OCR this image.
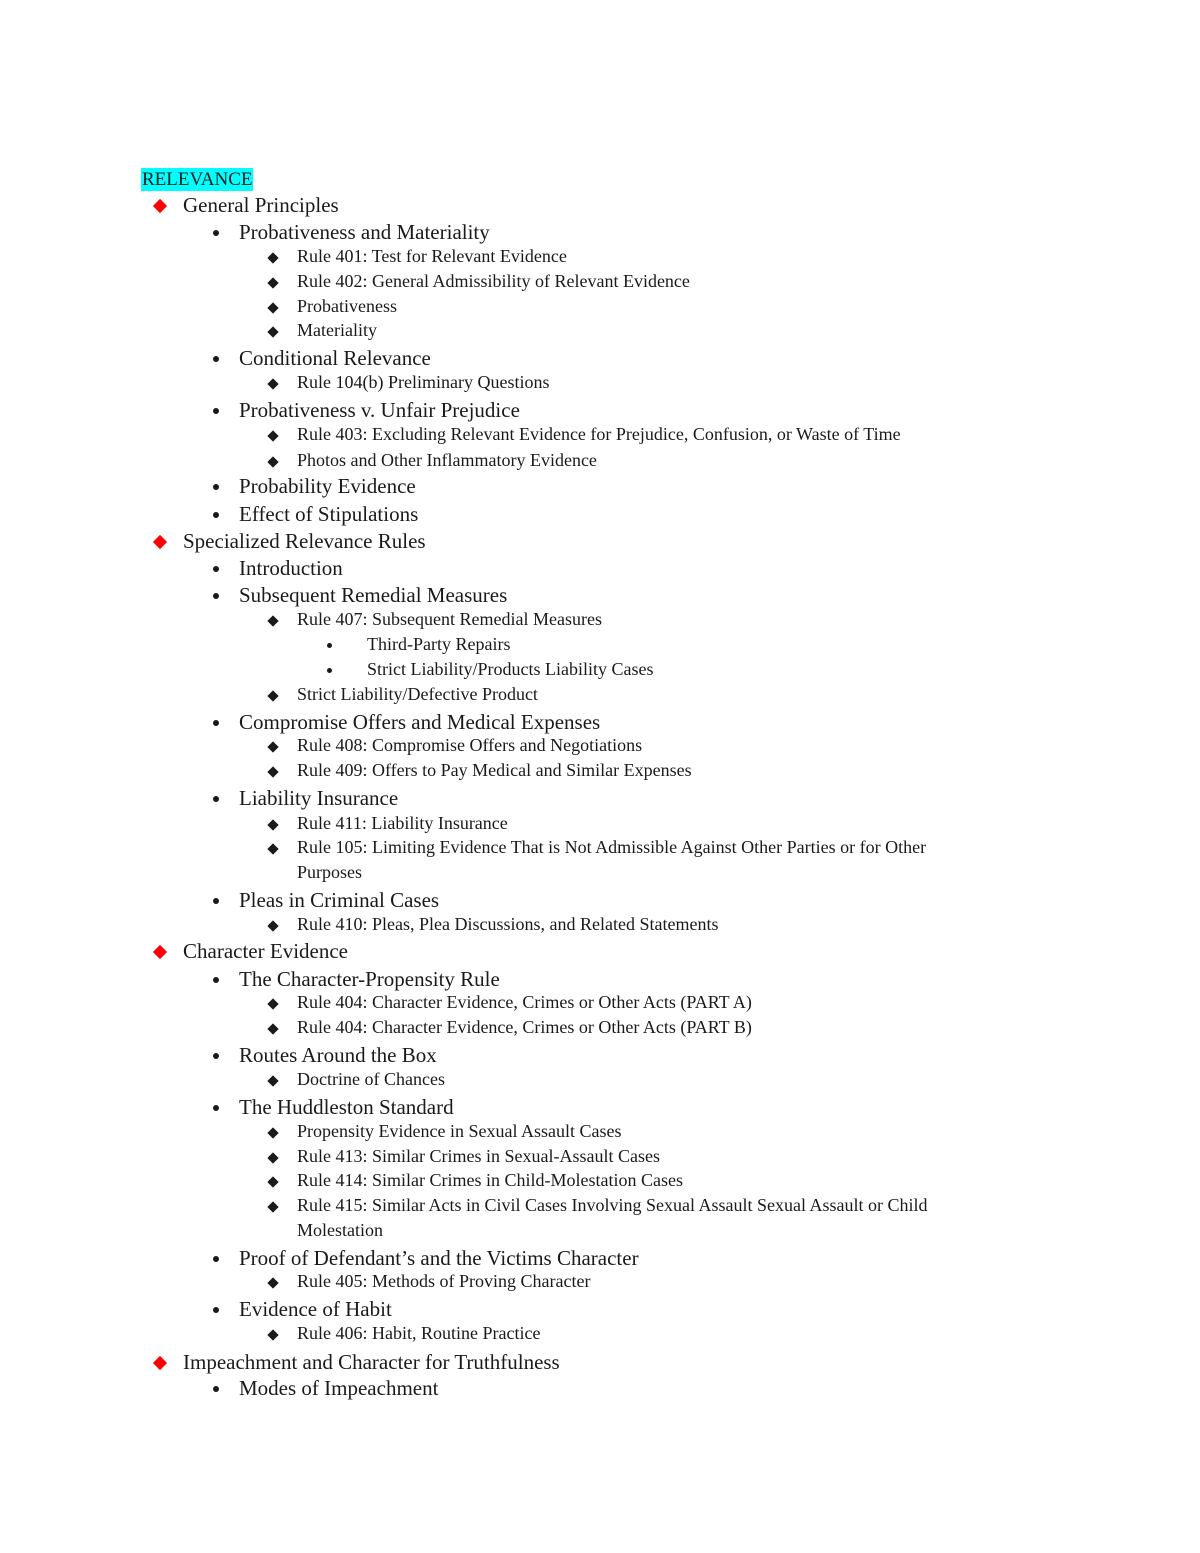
RELEVANCE
General Principles
Probativeness and Materiality
Rule 401: Test for Relevant Evidence
Rule 402: General Admissibility of Relevant Evidence
Probativeness
Materiality
Conditional Relevance
Rule 104(b) Preliminary Questions
Probativeness v. Unfair Prejudice
Rule 403: Excluding Relevant Evidence for Prejudice, Confusion, or Waste of Time
Photos and Other Inflammatory Evidence
Probability Evidence
Effect of Stipulations
Specialized Relevance Rules
Introduction
Subsequent Remedial Measures
Rule 407: Subsequent Remedial Measures
Third-Party Repairs
Strict Liability/Products Liability Cases
Strict Liability/Defective Product
Compromise Offers and Medical Expenses
Rule 408: Compromise Offers and Negotiations
Rule 409: Offers to Pay Medical and Similar Expenses
Liability Insurance
Rule 411: Liability Insurance
Rule 105: Limiting Evidence That is Not Admissible Against Other Parties or for Other
Purposes
Pleas in Criminal Cases
Rule 410: Pleas, Plea Discussions, and Related Statements
Character Evidence
The Character-Propensity Rule
Rule 404: Character Evidence, Crimes or Other Acts (PART A)
Rule 404: Character Evidence, Crimes or Other Acts (PART B)
Routes Around the Box
Doctrine of Chances
The Huddleston Standard
Propensity Evidence in Sexual Assault Cases
Rule 413: Similar Crimes in Sexual-Assault Cases
Rule 414: Similar Crimes in Child-Molestation Cases
Rule 415: Similar Acts in Civil Cases Involving Sexual Assault Sexual Assault or Child
Molestation
Proof of Defendant’s and the Victims Character
Rule 405: Methods of Proving Character
Evidence of Habit
Rule 406: Habit, Routine Practice
Impeachment and Character for Truthfulness
Modes of Impeachment
